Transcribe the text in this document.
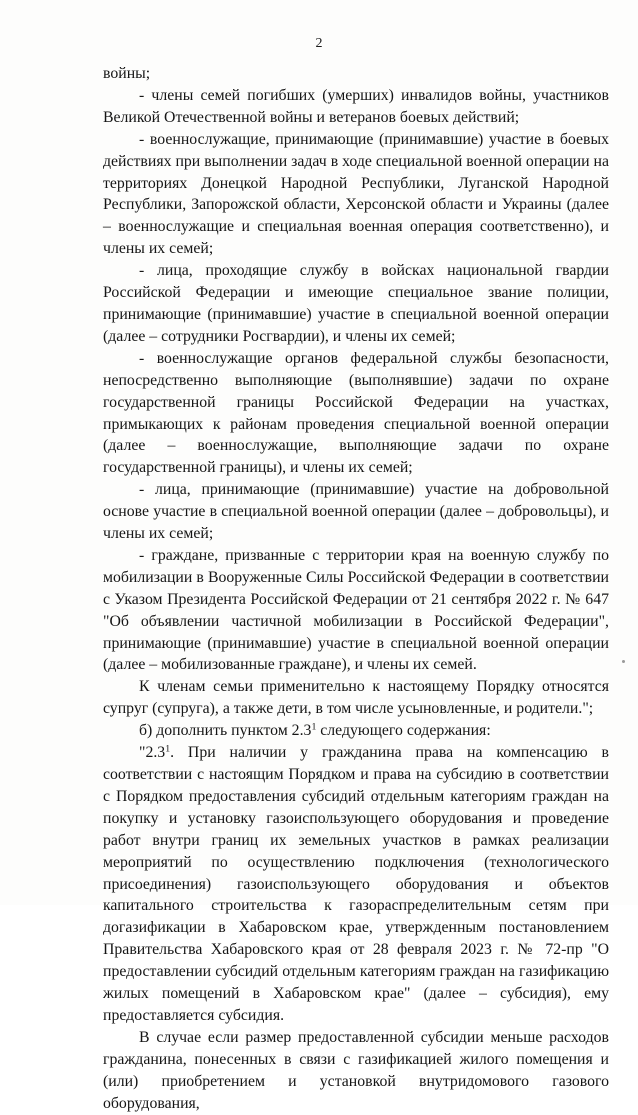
2

войны;

- члены семей погибших (умерших) инвалидов войны, участников Великой Отечественной войны и ветеранов боевых действий;

- военнослужащие, принимающие (принимавшие) участие в боевых действиях при выполнении задач в ходе специальной военной операции на территориях Донецкой Народной Республики, Луганской Народной Республики, Запорожской области, Херсонской области и Украины (далее – военнослужащие и специальная военная операция соответственно), и члены их семей;

- лица, проходящие службу в войсках национальной гвардии Российской Федерации и имеющие специальное звание полиции, принимающие (принимавшие) участие в специальной военной операции (далее – сотрудники Росгвардии), и члены их семей;

- военнослужащие органов федеральной службы безопасности, непосредственно выполняющие (выполнявшие) задачи по охране государственной границы Российской Федерации на участках, примыкающих к районам проведения специальной военной операции (далее – военнослужащие, выполняющие задачи по охране государственной границы), и члены их семей;

- лица, принимающие (принимавшие) участие на добровольной основе участие в специальной военной операции (далее – добровольцы), и члены их семей;

- граждане, призванные с территории края на военную службу по мобилизации в Вооруженные Силы Российской Федерации в соответствии с Указом Президента Российской Федерации от 21 сентября 2022 г. № 647 "Об объявлении частичной мобилизации в Российской Федерации", принимающие (принимавшие) участие в специальной военной операции (далее – мобилизованные граждане), и члены их семей.

К членам семьи применительно к настоящему Порядку относятся супруг (супруга), а также дети, в том числе усыновленные, и родители.";

б) дополнить пунктом $2.3^1$ следующего содержания:

"$2.3^1$. При наличии у гражданина права на компенсацию в соответствии с настоящим Порядком и права на субсидию в соответствии с Порядком предоставления субсидий отдельным категориям граждан на покупку и установку газоиспользующего оборудования и проведение работ внутри границ их земельных участков в рамках реализации мероприятий по осуществлению подключения (технологического присоединения) газоиспользующего оборудования и объектов капитального строительства к газораспределительным сетям при догазификации в Хабаровском крае, утвержденным постановлением Правительства Хабаровского края от 28 февраля 2023 г. № 72-пр "О предоставлении субсидий отдельным категориям граждан на газификацию жилых помещений в Хабаровском крае" (далее – субсидия), ему предоставляется субсидия.

В случае если размер предоставленной субсидии меньше расходов гражданина, понесенных в связи с газификацией жилого помещения и (или) приобретением и установкой внутридомового газового оборудования,
